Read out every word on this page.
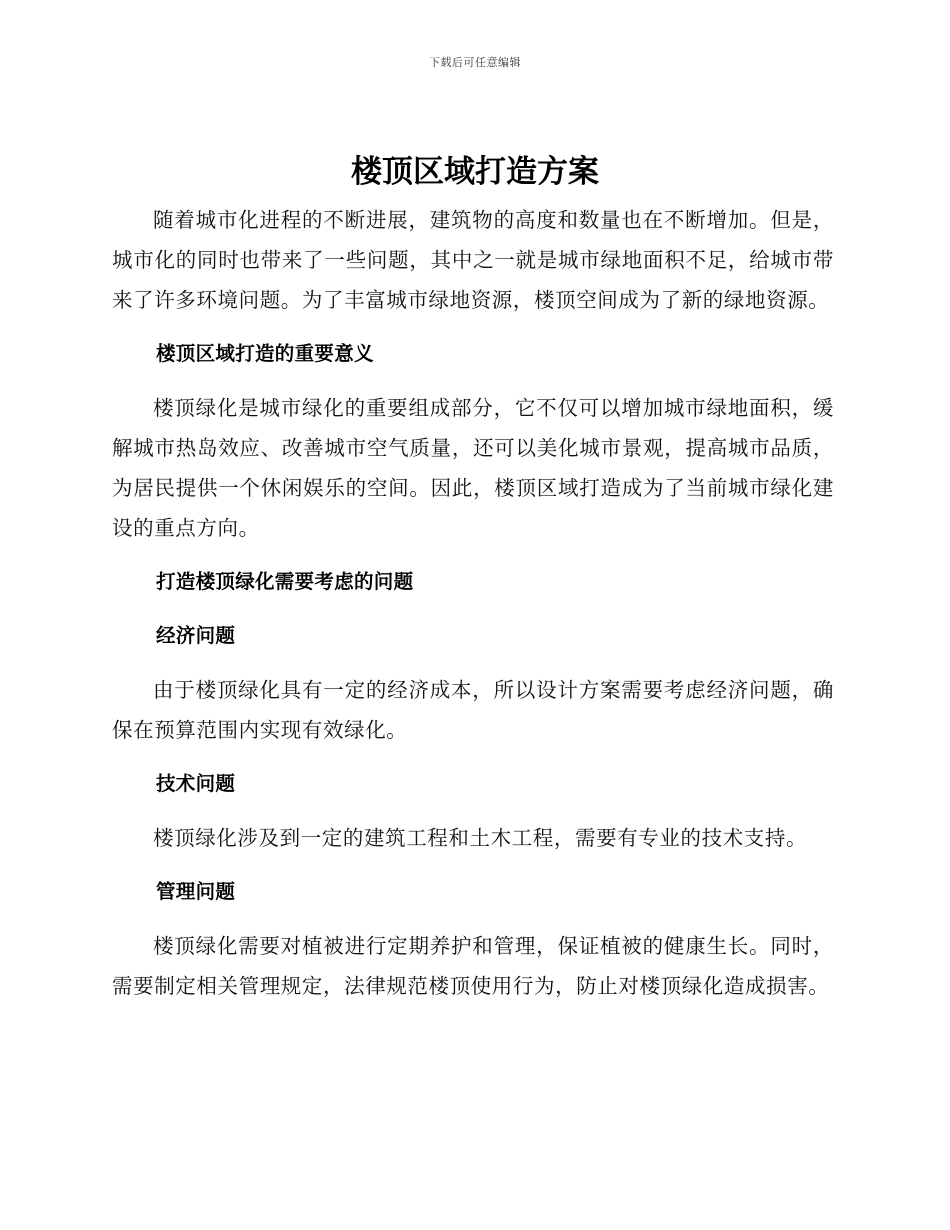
下载后可任意编辑
楼顶区域打造方案

随着城市化进程的不断进展，建筑物的高度和数量也在不断增加。但是，城市化的同时也带来了一些问题，其中之一就是城市绿地面积不足，给城市带来了许多环境问题。为了丰富城市绿地资源，楼顶空间成为了新的绿地资源。

楼顶区域打造的重要意义

楼顶绿化是城市绿化的重要组成部分，它不仅可以增加城市绿地面积，缓解城市热岛效应、改善城市空气质量，还可以美化城市景观，提高城市品质，为居民提供一个休闲娱乐的空间。因此，楼顶区域打造成为了当前城市绿化建设的重点方向。

打造楼顶绿化需要考虑的问题
经济问题

由于楼顶绿化具有一定的经济成本，所以设计方案需要考虑经济问题，确保在预算范围内实现有效绿化。

技术问题

楼顶绿化涉及到一定的建筑工程和土木工程，需要有专业的技术支持。

管理问题

楼顶绿化需要对植被进行定期养护和管理，保证植被的健康生长。同时，需要制定相关管理规定，法律规范楼顶使用行为，防止对楼顶绿化造成损害。
